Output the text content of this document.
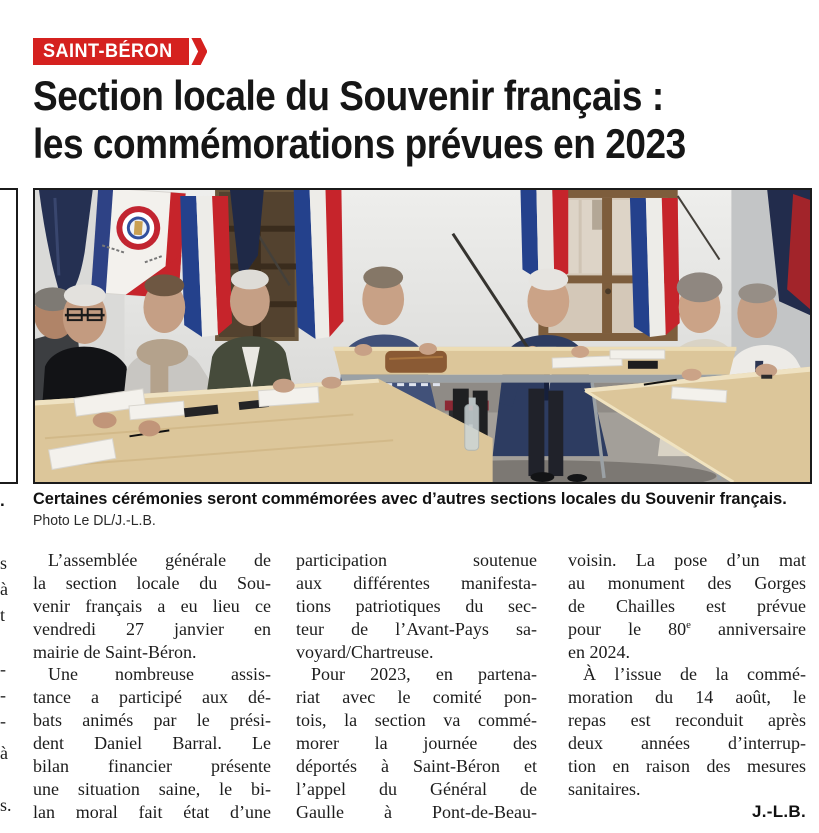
SAINT-BÉRON
Section locale du Souvenir français :
les commémorations prévues en 2023
Certaines cérémonies seront commémorées avec d’autres sections locales du Souvenir français.
Photo Le DL/J.-L.B.
.
L’assemblée générale de
la section locale du Sou-
venir français a eu lieu ce
vendredi 27 janvier en
mairie de Saint-Béron.
Une nombreuse assis-
tance a participé aux dé-
bats animés par le prési-
dent Daniel Barral. Le
bilan financier présente
une situation saine, le bi-
lan moral fait état d’une
participation soutenue
aux différentes manifesta-
tions patriotiques du sec-
teur de l’Avant-Pays sa-
voyard/Chartreuse.
Pour 2023, en partena-
riat avec le comité pon-
tois, la section va commé-
morer la journée des
déportés à Saint-Béron et
l’appel du Général de
Gaulle à Pont-de-Beau-
voisin. La pose d’un mat
au monument des Gorges
de Chailles est prévue
pour le 80e anniversaire
en 2024.
À l’issue de la commé-
moration du 14 août, le
repas est reconduit après
deux années d’interrup-
tion en raison des mesures
sanitaires.
J.-L.B.
s
à
t
-
-
-
à
s.
